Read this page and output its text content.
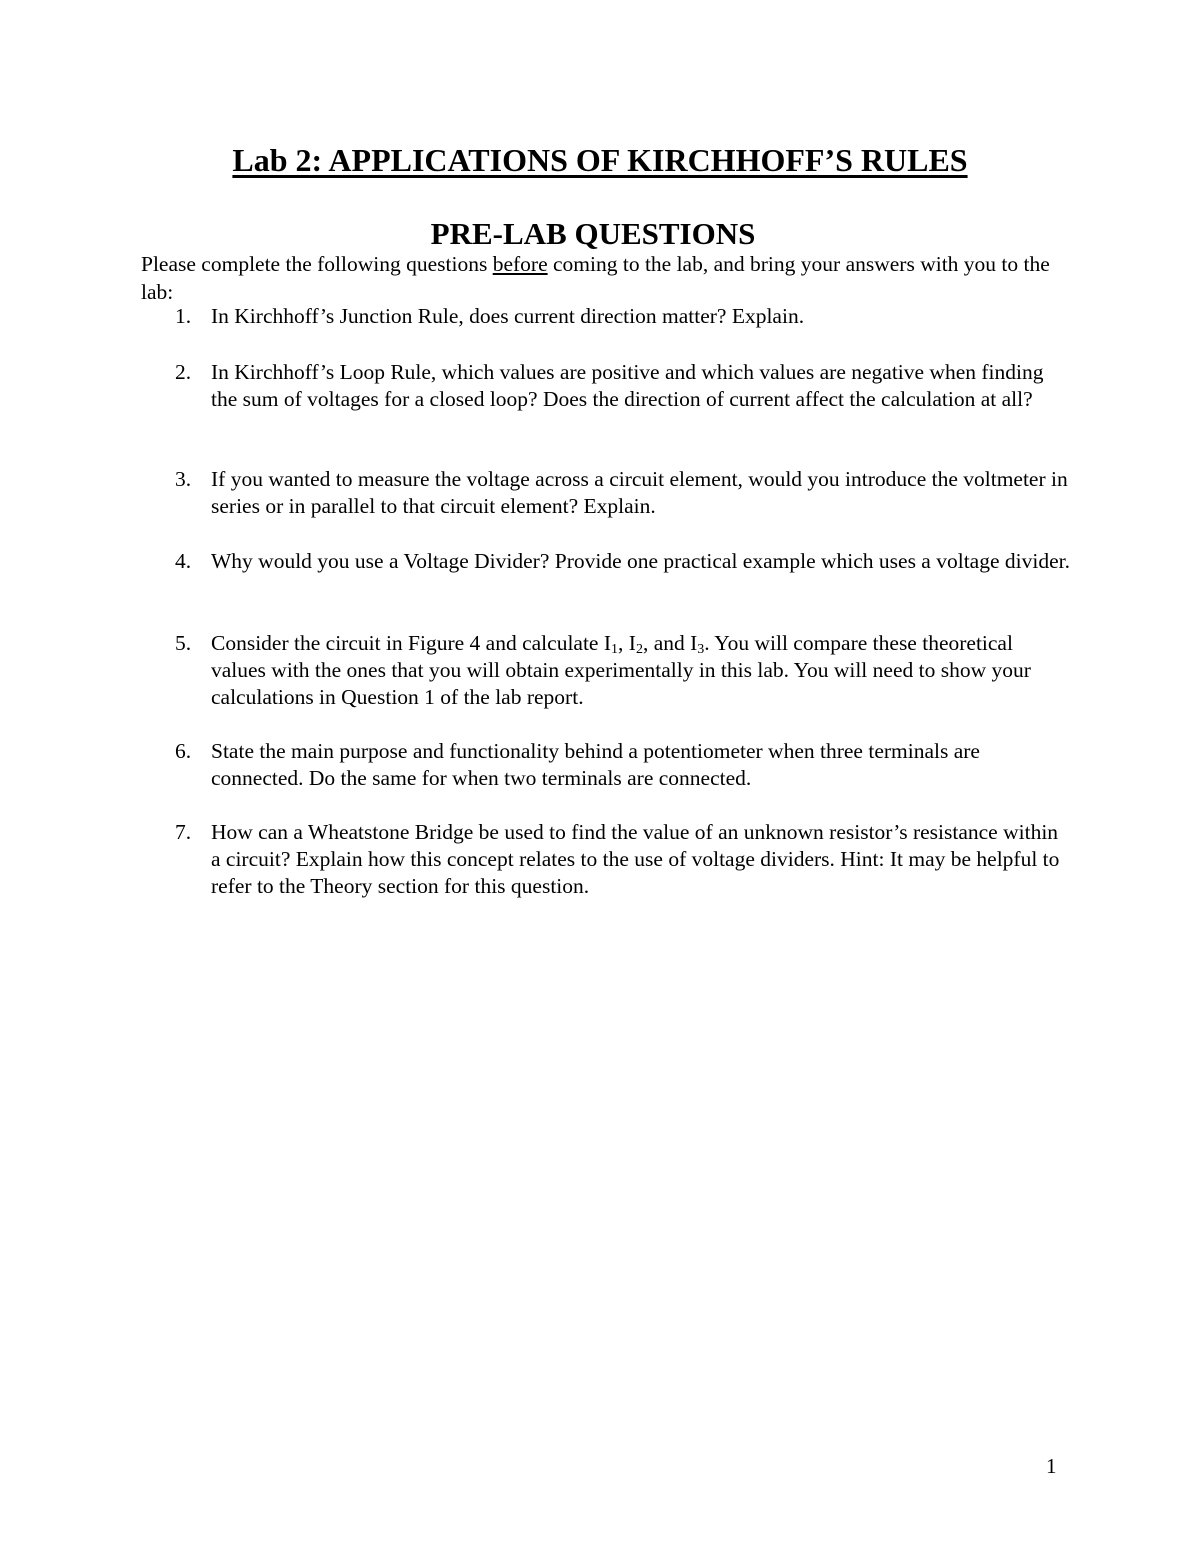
Lab 2: APPLICATIONS OF KIRCHHOFF’S RULES
PRE-LAB QUESTIONS
Please complete the following questions before coming to the lab, and bring your answers with you to the lab:
1. In Kirchhoff’s Junction Rule, does current direction matter? Explain.
2. In Kirchhoff’s Loop Rule, which values are positive and which values are negative when finding the sum of voltages for a closed loop? Does the direction of current affect the calculation at all?
3. If you wanted to measure the voltage across a circuit element, would you introduce the voltmeter in series or in parallel to that circuit element? Explain.
4. Why would you use a Voltage Divider? Provide one practical example which uses a voltage divider.
5. Consider the circuit in Figure 4 and calculate $I_1$, $I_2$, and $I_3$. You will compare these theoretical values with the ones that you will obtain experimentally in this lab. You will need to show your calculations in Question 1 of the lab report.
6. State the main purpose and functionality behind a potentiometer when three terminals are connected. Do the same for when two terminals are connected.
7. How can a Wheatstone Bridge be used to find the value of an unknown resistor’s resistance within a circuit? Explain how this concept relates to the use of voltage dividers. Hint: It may be helpful to refer to the Theory section for this question.
1
